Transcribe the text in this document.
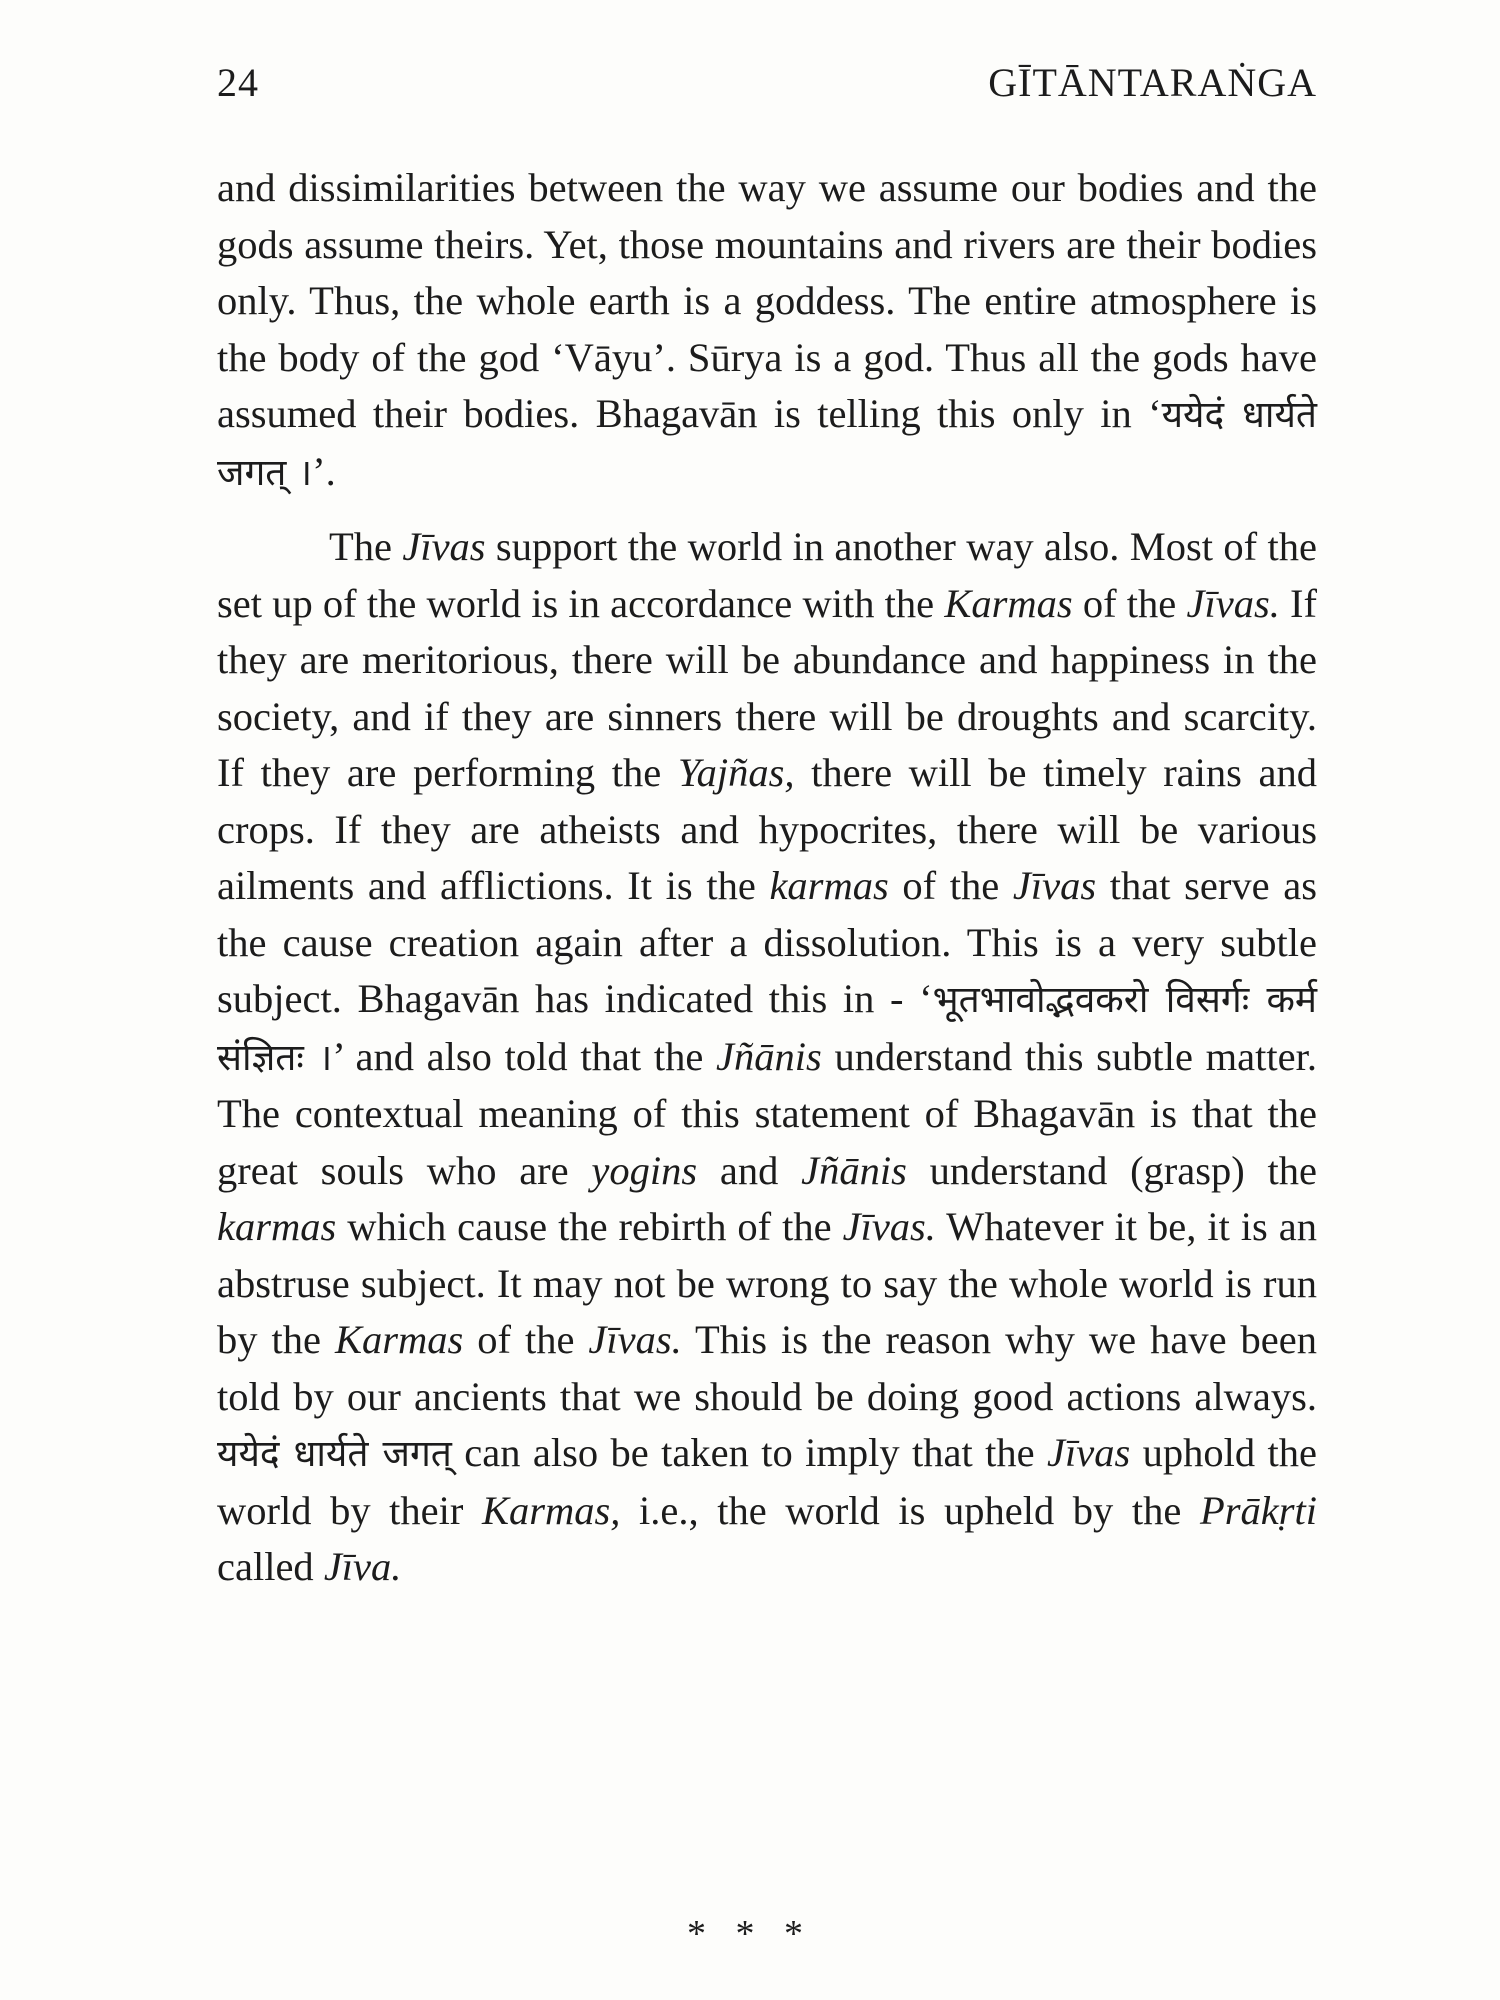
24	GĪTĀNTARAṄGA

and dissimilarities between the way we assume our bodies and the gods assume theirs. Yet, those mountains and rivers are their bodies only. Thus, the whole earth is a goddess. The entire atmosphere is the body of the god ‘Vāyu’. Sūrya is a god. Thus all the gods have assumed their bodies. Bhagavān is telling this only in ‘ययेदं धार्यते जगत् ।’.

The Jīvas support the world in another way also. Most of the set up of the world is in accordance with the Karmas of the Jīvas. If they are meritorious, there will be abundance and happiness in the society, and if they are sinners there will be droughts and scarcity. If they are performing the Yajñas, there will be timely rains and crops. If they are atheists and hypocrites, there will be various ailments and afflictions. It is the karmas of the Jīvas that serve as the cause creation again after a dissolution. This is a very subtle subject. Bhagavān has indicated this in - ‘भूतभावोद्भवकरो विसर्गः कर्म संज्ञितः ।’ and also told that the Jñānis understand this subtle matter. The contextual meaning of this statement of Bhagavān is that the great souls who are yogins and Jñānis understand (grasp) the karmas which cause the rebirth of the Jīvas. Whatever it be, it is an abstruse subject. It may not be wrong to say the whole world is run by the Karmas of the Jīvas. This is the reason why we have been told by our ancients that we should be doing good actions always. ययेदं धार्यते जगत् can also be taken to imply that the Jīvas uphold the world by their Karmas, i.e., the world is upheld by the Prākṛti called Jīva.

* * *
